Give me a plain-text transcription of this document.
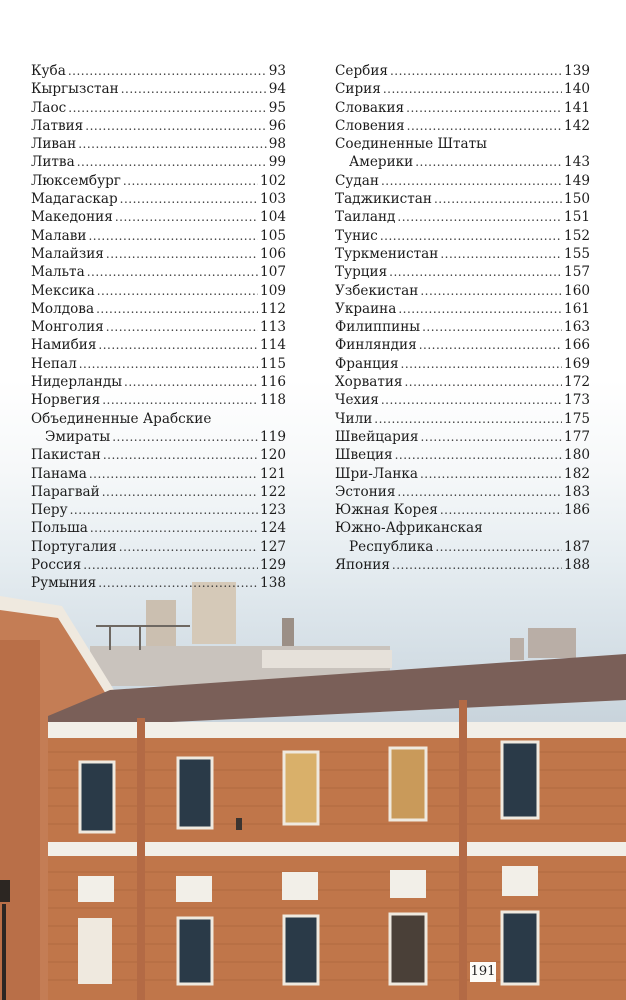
Куба .....	93
Кыргызстан .....	94
Лаос .....	95
Латвия .....	96
Ливан .....	98
Литва .....	99
Люксембург .....	102
Мадагаскар .....	103
Македония .....	104
Малави .....	105
Малайзия .....	106
Мальта .....	107
Мексика .....	109
Молдова .....	112
Монголия .....	113
Намибия .....	114
Непал .....	115
Нидерланды .....	116
Норвегия .....	118
Объединенные Арабские
Эмираты .....	119
Пакистан .....	120
Панама .....	121
Парагвай .....	122
Перу .....	123
Польша .....	124
Португалия .....	127
Россия .....	129
Румыния .....	138
Сербия .....	139
Сирия .....	140
Словакия .....	141
Словения .....	142
Соединенные Штаты
Америки .....	143
Судан .....	149
Таджикистан .....	150
Таиланд .....	151
Тунис .....	152
Туркменистан .....	155
Турция .....	157
Узбекистан .....	160
Украина .....	161
Филиппины .....	163
Финляндия .....	166
Франция .....	169
Хорватия .....	172
Чехия .....	173
Чили .....	175
Швейцария .....	177
Швеция .....	180
Шри-Ланка .....	182
Эстония .....	183
Южная Корея .....	186
Южно-Африканская
Республика .....	187
Япония .....	188
191
